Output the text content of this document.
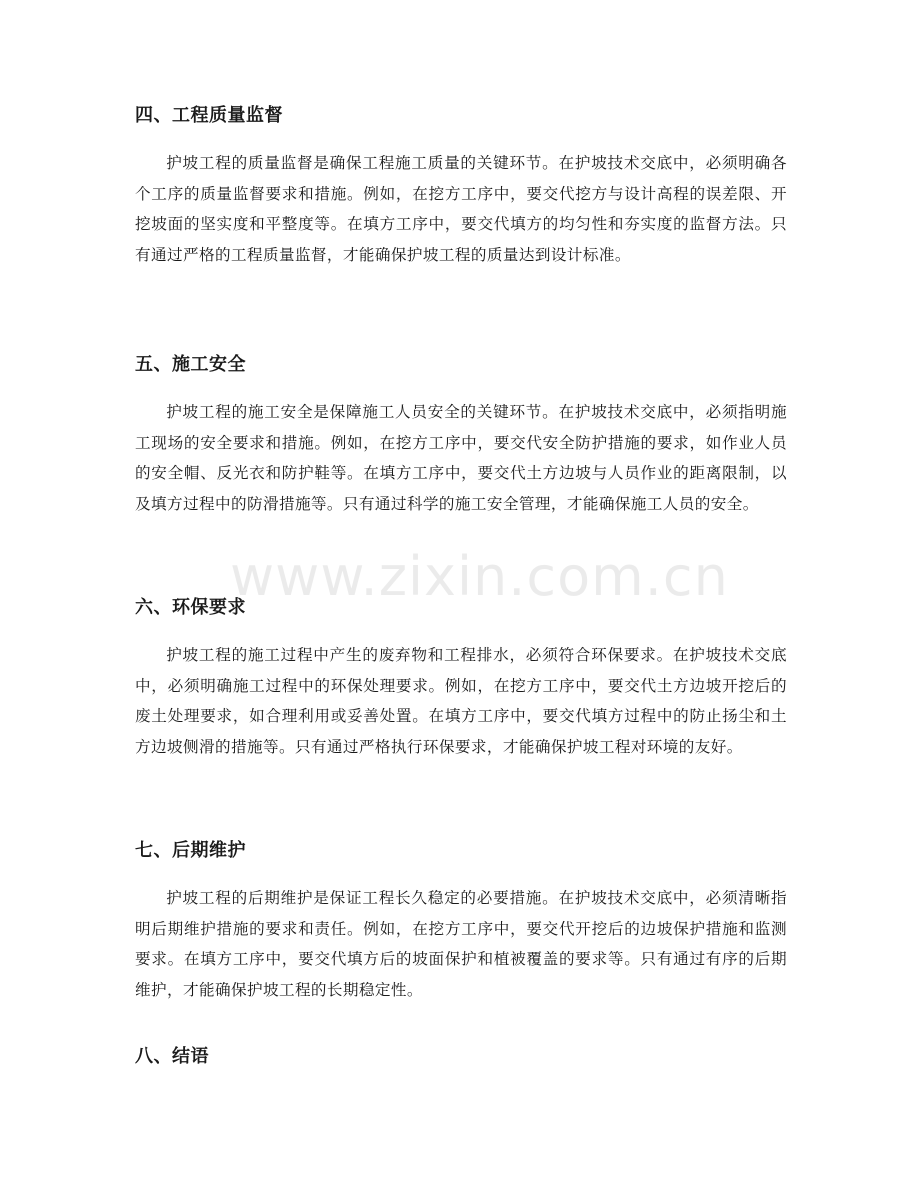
四、工程质量监督

护坡工程的质量监督是确保工程施工质量的关键环节。在护坡技术交底中，必须明确各个工序的质量监督要求和措施。例如，在挖方工序中，要交代挖方与设计高程的误差限、开挖坡面的坚实度和平整度等。在填方工序中，要交代填方的均匀性和夯实度的监督方法。只有通过严格的工程质量监督，才能确保护坡工程的质量达到设计标准。

五、施工安全

护坡工程的施工安全是保障施工人员安全的关键环节。在护坡技术交底中，必须指明施工现场的安全要求和措施。例如，在挖方工序中，要交代安全防护措施的要求，如作业人员的安全帽、反光衣和防护鞋等。在填方工序中，要交代土方边坡与人员作业的距离限制，以及填方过程中的防滑措施等。只有通过科学的施工安全管理，才能确保施工人员的安全。

六、环保要求

护坡工程的施工过程中产生的废弃物和工程排水，必须符合环保要求。在护坡技术交底中，必须明确施工过程中的环保处理要求。例如，在挖方工序中，要交代土方边坡开挖后的废土处理要求，如合理利用或妥善处置。在填方工序中，要交代填方过程中的防止扬尘和土方边坡侧滑的措施等。只有通过严格执行环保要求，才能确保护坡工程对环境的友好。

七、后期维护

护坡工程的后期维护是保证工程长久稳定的必要措施。在护坡技术交底中，必须清晰指明后期维护措施的要求和责任。例如，在挖方工序中，要交代开挖后的边坡保护措施和监测要求。在填方工序中，要交代填方后的坡面保护和植被覆盖的要求等。只有通过有序的后期维护，才能确保护坡工程的长期稳定性。

八、结语
www.zixin.com.cn
